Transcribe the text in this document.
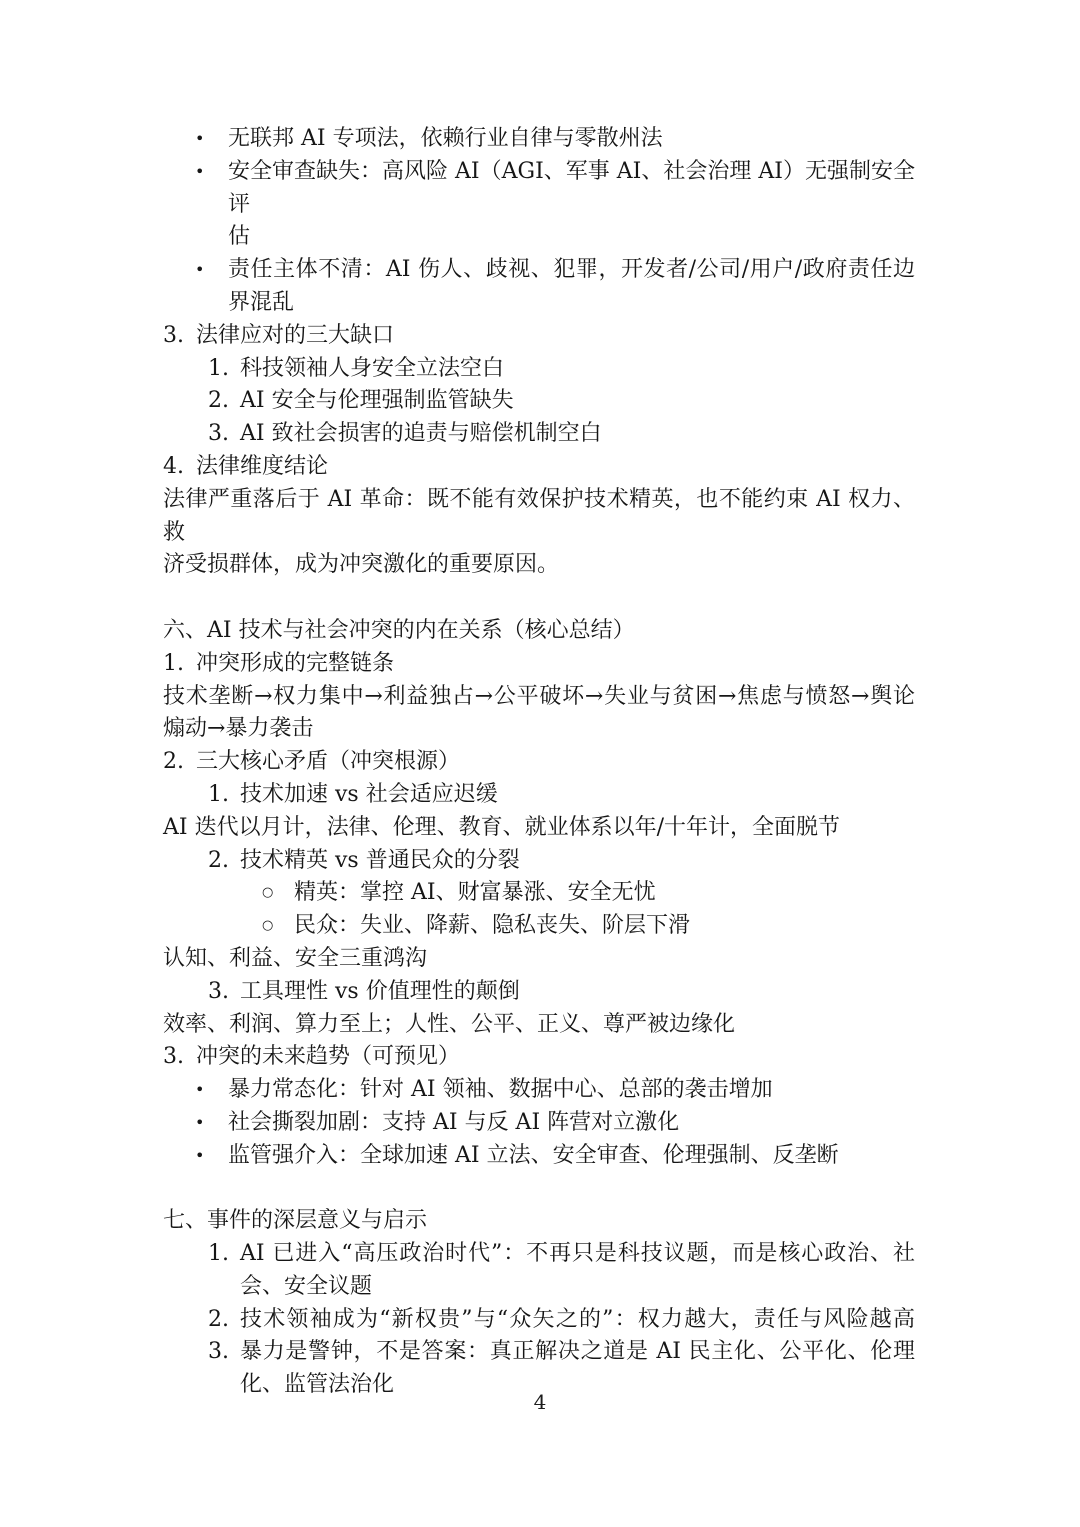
• 无联邦 AI 专项法，依赖行业自律与零散州法
• 安全审查缺失：高风险 AI（AGI、军事 AI、社会治理 AI）无强制安全评
估
• 责任主体不清：AI 伤人、歧视、犯罪，开发者/公司/用户/政府责任边
界混乱
3. 法律应对的三大缺口
1. 科技领袖人身安全立法空白
2. AI 安全与伦理强制监管缺失
3. AI 致社会损害的追责与赔偿机制空白
4. 法律维度结论
法律严重落后于 AI 革命：既不能有效保护技术精英，也不能约束 AI 权力、救
济受损群体，成为冲突激化的重要原因。
六、AI 技术与社会冲突的内在关系（核心总结）
1. 冲突形成的完整链条
技术垄断→权力集中→利益独占→公平破坏→失业与贫困→焦虑与愤怒→舆论
煽动→暴力袭击
2. 三大核心矛盾（冲突根源）
1. 技术加速 vs 社会适应迟缓
AI 迭代以月计，法律、伦理、教育、就业体系以年/十年计，全面脱节
2. 技术精英 vs 普通民众的分裂
○ 精英：掌控 AI、财富暴涨、安全无忧
○ 民众：失业、降薪、隐私丧失、阶层下滑
认知、利益、安全三重鸿沟
3. 工具理性 vs 价值理性的颠倒
效率、利润、算力至上；人性、公平、正义、尊严被边缘化
3. 冲突的未来趋势（可预见）
• 暴力常态化：针对 AI 领袖、数据中心、总部的袭击增加
• 社会撕裂加剧：支持 AI 与反 AI 阵营对立激化
• 监管强介入：全球加速 AI 立法、安全审查、伦理强制、反垄断
七、事件的深层意义与启示
1. AI 已进入“高压政治时代”：不再只是科技议题，而是核心政治、社
会、安全议题
2. 技术领袖成为“新权贵”与“众矢之的”：权力越大，责任与风险越高
3. 暴力是警钟，不是答案：真正解决之道是 AI 民主化、公平化、伦理
化、监管法治化
4
